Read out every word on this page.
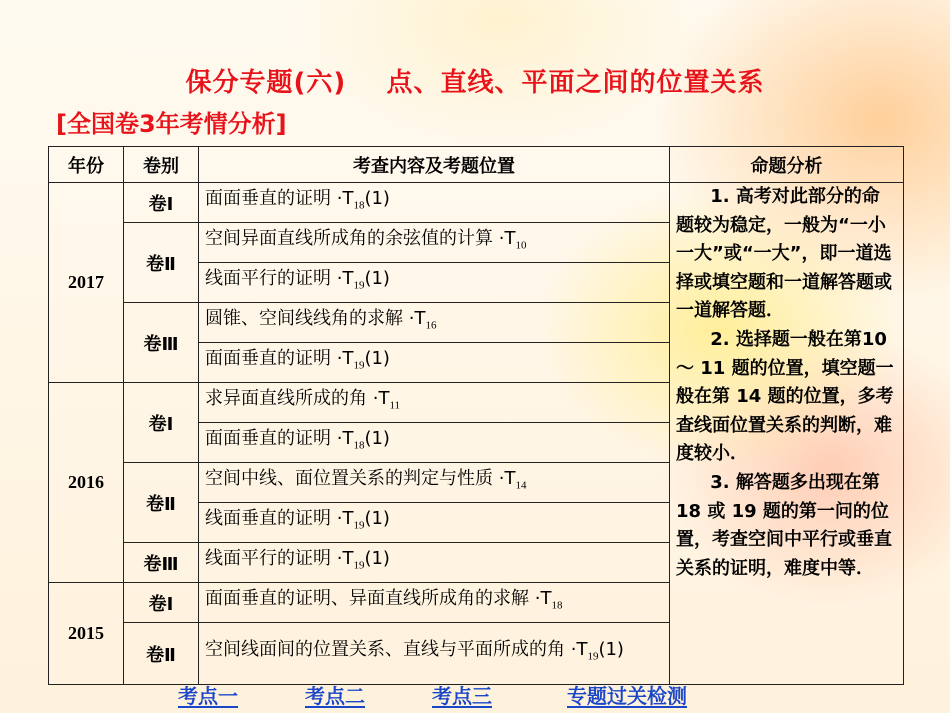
保分专题(六)    点、直线、平面之间的位置关系
[全国卷3年考情分析]
年份	卷别	考查内容及考题位置	命题分析
2017	卷Ⅰ	面面垂直的证明 $\cdot T_{18}(1)$	1. 高考对此部分的命题较为稳定，一般为“一小一大”或“一大”，即一道选择或填空题和一道解答题或一道解答题．

2. 选择题一般在第10 ～ 11 题的位置，填空题一般在第 14 题的位置，多考查线面位置关系的判断，难度较小．

3. 解答题多出现在第 18 或 19 题的第一问的位置，考查空间中平行或垂直关系的证明，难度中等．

	卷Ⅱ	空间异面直线所成角的余弦值的计算 $\cdot T_{10}$
		线面平行的证明 $\cdot T_{19}(1)$	
	卷Ⅲ	圆锥、空间线线角的求解 $\cdot T_{16}$
		面面垂直的证明 $\cdot T_{19}(1)$	
2016	卷Ⅰ	求异面直线所成的角 $\cdot T_{11}$
		面面垂直的证明 $\cdot T_{18}(1)$	
	卷Ⅱ	空间中线、面位置关系的判定与性质 $\cdot T_{14}$
		线面垂直的证明 $\cdot T_{19}(1)$	
	卷Ⅲ	线面平行的证明 $\cdot T_{19}(1)$	
2015	卷Ⅰ	面面垂直的证明、异面直线所成角的求解 $\cdot T_{18}$
	卷Ⅱ	空间线面间的位置关系、直线与平面所成的角 $\cdot T_{19}(1)$	
考点一	考点二	考点三	专题过关检测
